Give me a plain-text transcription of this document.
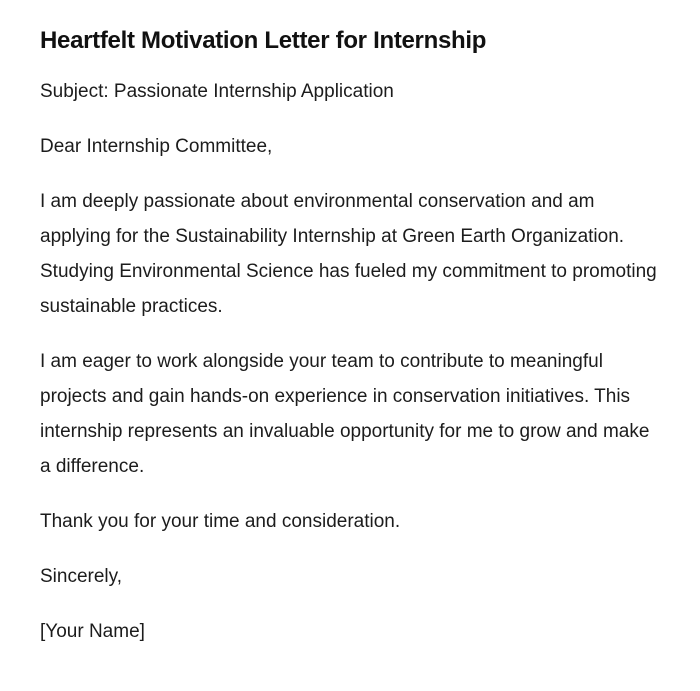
Heartfelt Motivation Letter for Internship

Subject: Passionate Internship Application

Dear Internship Committee,

I am deeply passionate about environmental conservation and am applying for the Sustainability Internship at Green Earth Organization. Studying Environmental Science has fueled my commitment to promoting sustainable practices.

I am eager to work alongside your team to contribute to meaningful projects and gain hands-on experience in conservation initiatives. This internship represents an invaluable opportunity for me to grow and make a difference.

Thank you for your time and consideration.

Sincerely,

[Your Name]
